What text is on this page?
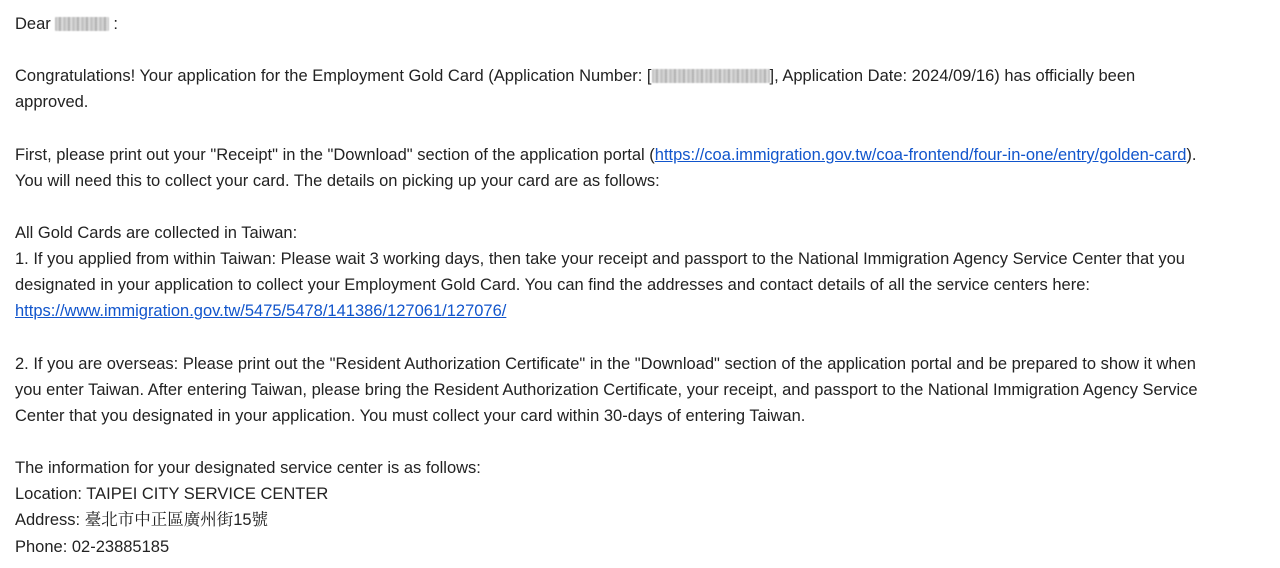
Dear	:
Congratulations! Your application for the Employment Gold Card (Application Number: [	], Application Date: 2024/09/16) has officially been
approved.
First, please print out your "Receipt" in the "Download" section of the application portal (https://coa.immigration.gov.tw/coa-frontend/four-in-one/entry/golden-card).
You will need this to collect your card. The details on picking up your card are as follows:
All Gold Cards are collected in Taiwan:
1. If you applied from within Taiwan: Please wait 3 working days, then take your receipt and passport to the National Immigration Agency Service Center that you
designated in your application to collect your Employment Gold Card. You can find the addresses and contact details of all the service centers here:
https://www.immigration.gov.tw/5475/5478/141386/127061/127076/
2. If you are overseas: Please print out the "Resident Authorization Certificate" in the "Download" section of the application portal and be prepared to show it when
you enter Taiwan. After entering Taiwan, please bring the Resident Authorization Certificate, your receipt, and passport to the National Immigration Agency Service
Center that you designated in your application. You must collect your card within 30-days of entering Taiwan.
The information for your designated service center is as follows:
Location: TAIPEI CITY SERVICE CENTER
Address: 臺北市中正區廣州街15號
Phone: 02-23885185
